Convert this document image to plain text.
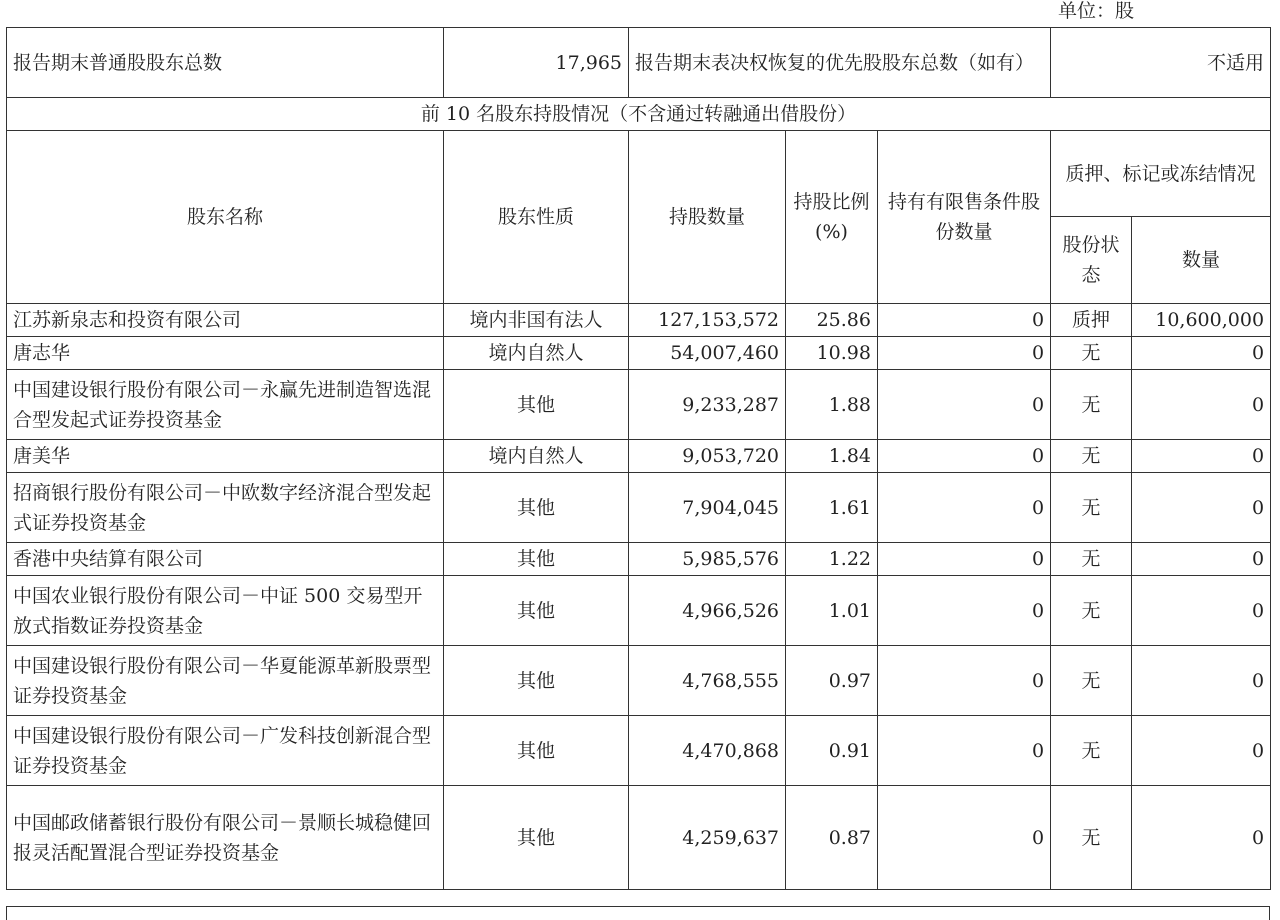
单位：股
报告期末普通股股东总数	17,965	报告期末表决权恢复的优先股股东总数（如有）			不适用	
前 10 名股东持股情况（不含通过转融通出借股份）						
股东名称	股东性质	持股数量	持股比例(%)	持有有限售条件股份数量	质押、标记或冻结情况	
					股份状态	数量
江苏新泉志和投资有限公司	境内非国有法人	127,153,572	25.86	0	质押	10,600,000
唐志华	境内自然人	54,007,460	10.98	0	无	0
中国建设银行股份有限公司－永赢先进制造智选混合型发起式证券投资基金	其他	9,233,287	1.88	0	无	0
唐美华	境内自然人	9,053,720	1.84	0	无	0
招商银行股份有限公司－中欧数字经济混合型发起式证券投资基金	其他	7,904,045	1.61	0	无	0
香港中央结算有限公司	其他	5,985,576	1.22	0	无	0
中国农业银行股份有限公司－中证 500 交易型开放式指数证券投资基金	其他	4,966,526	1.01	0	无	0
中国建设银行股份有限公司－华夏能源革新股票型证券投资基金	其他	4,768,555	0.97	0	无	0
中国建设银行股份有限公司－广发科技创新混合型证券投资基金	其他	4,470,868	0.91	0	无	0
中国邮政储蓄银行股份有限公司－景顺长城稳健回报灵活配置混合型证券投资基金	其他	4,259,637	0.87	0	无	0
